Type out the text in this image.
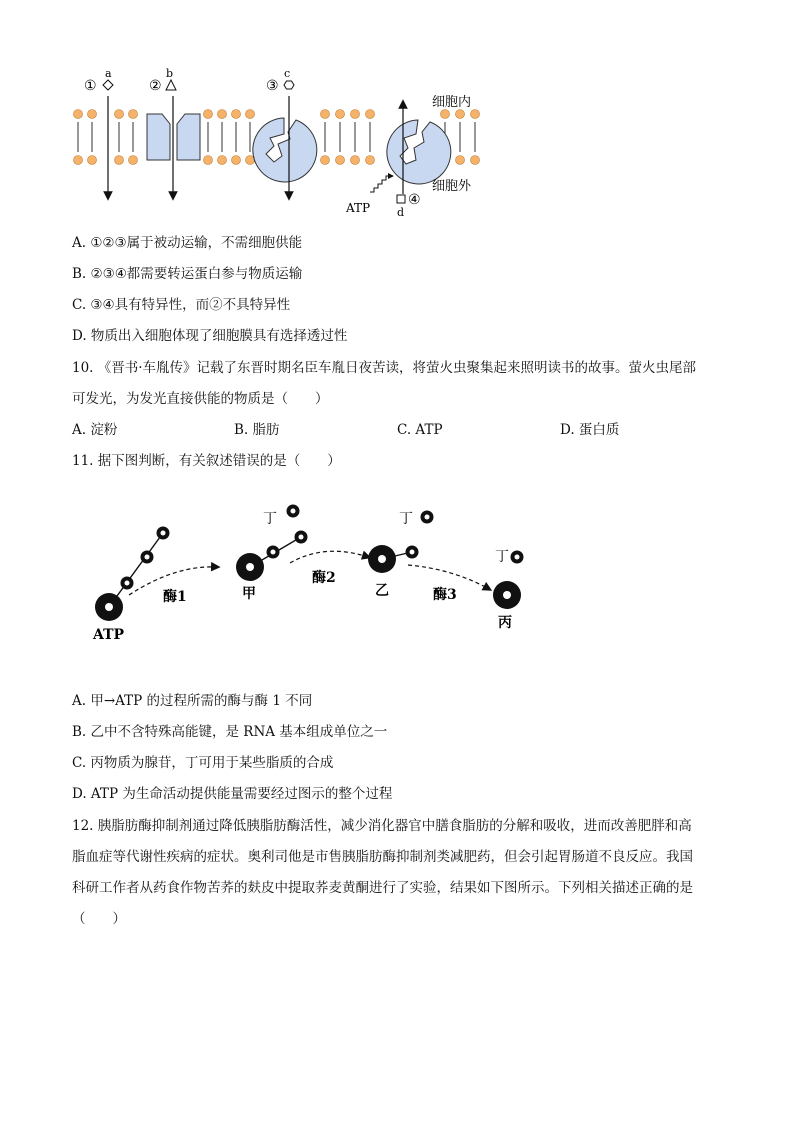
①
a
②
b
③
c
④
d
ATP
细胞内
细胞外
A. ①②③属于被动运输，不需细胞供能
B. ②③④都需要转运蛋白参与物质运输
C. ③④具有特异性，而②不具特异性
D. 物质出入细胞体现了细胞膜具有选择透过性
10. 《晋书·车胤传》记载了东晋时期名臣车胤日夜苦读，将萤火虫聚集起来照明读书的故事。萤火虫尾部
可发光，为发光直接供能的物质是（　　）
A. 淀粉	B. 脂肪	C. ATP	D. 蛋白质
11. 据下图判断，有关叙述错误的是（　　）
ATP
酶1	甲
丁
酶2
乙
丁
酶3
丙
丁
A. 甲→ATP 的过程所需的酶与酶 1 不同
B. 乙中不含特殊高能键，是 RNA 基本组成单位之一
C. 丙物质为腺苷，丁可用于某些脂质的合成
D. ATP 为生命活动提供能量需要经过图示的整个过程
12. 胰脂肪酶抑制剂通过降低胰脂肪酶活性，减少消化器官中膳食脂肪的分解和吸收，进而改善肥胖和高
脂血症等代谢性疾病的症状。奥利司他是市售胰脂肪酶抑制剂类减肥药，但会引起胃肠道不良反应。我国
科研工作者从药食作物苦荞的麸皮中提取荞麦黄酮进行了实验，结果如下图所示。下列相关描述正确的是
（　　）
